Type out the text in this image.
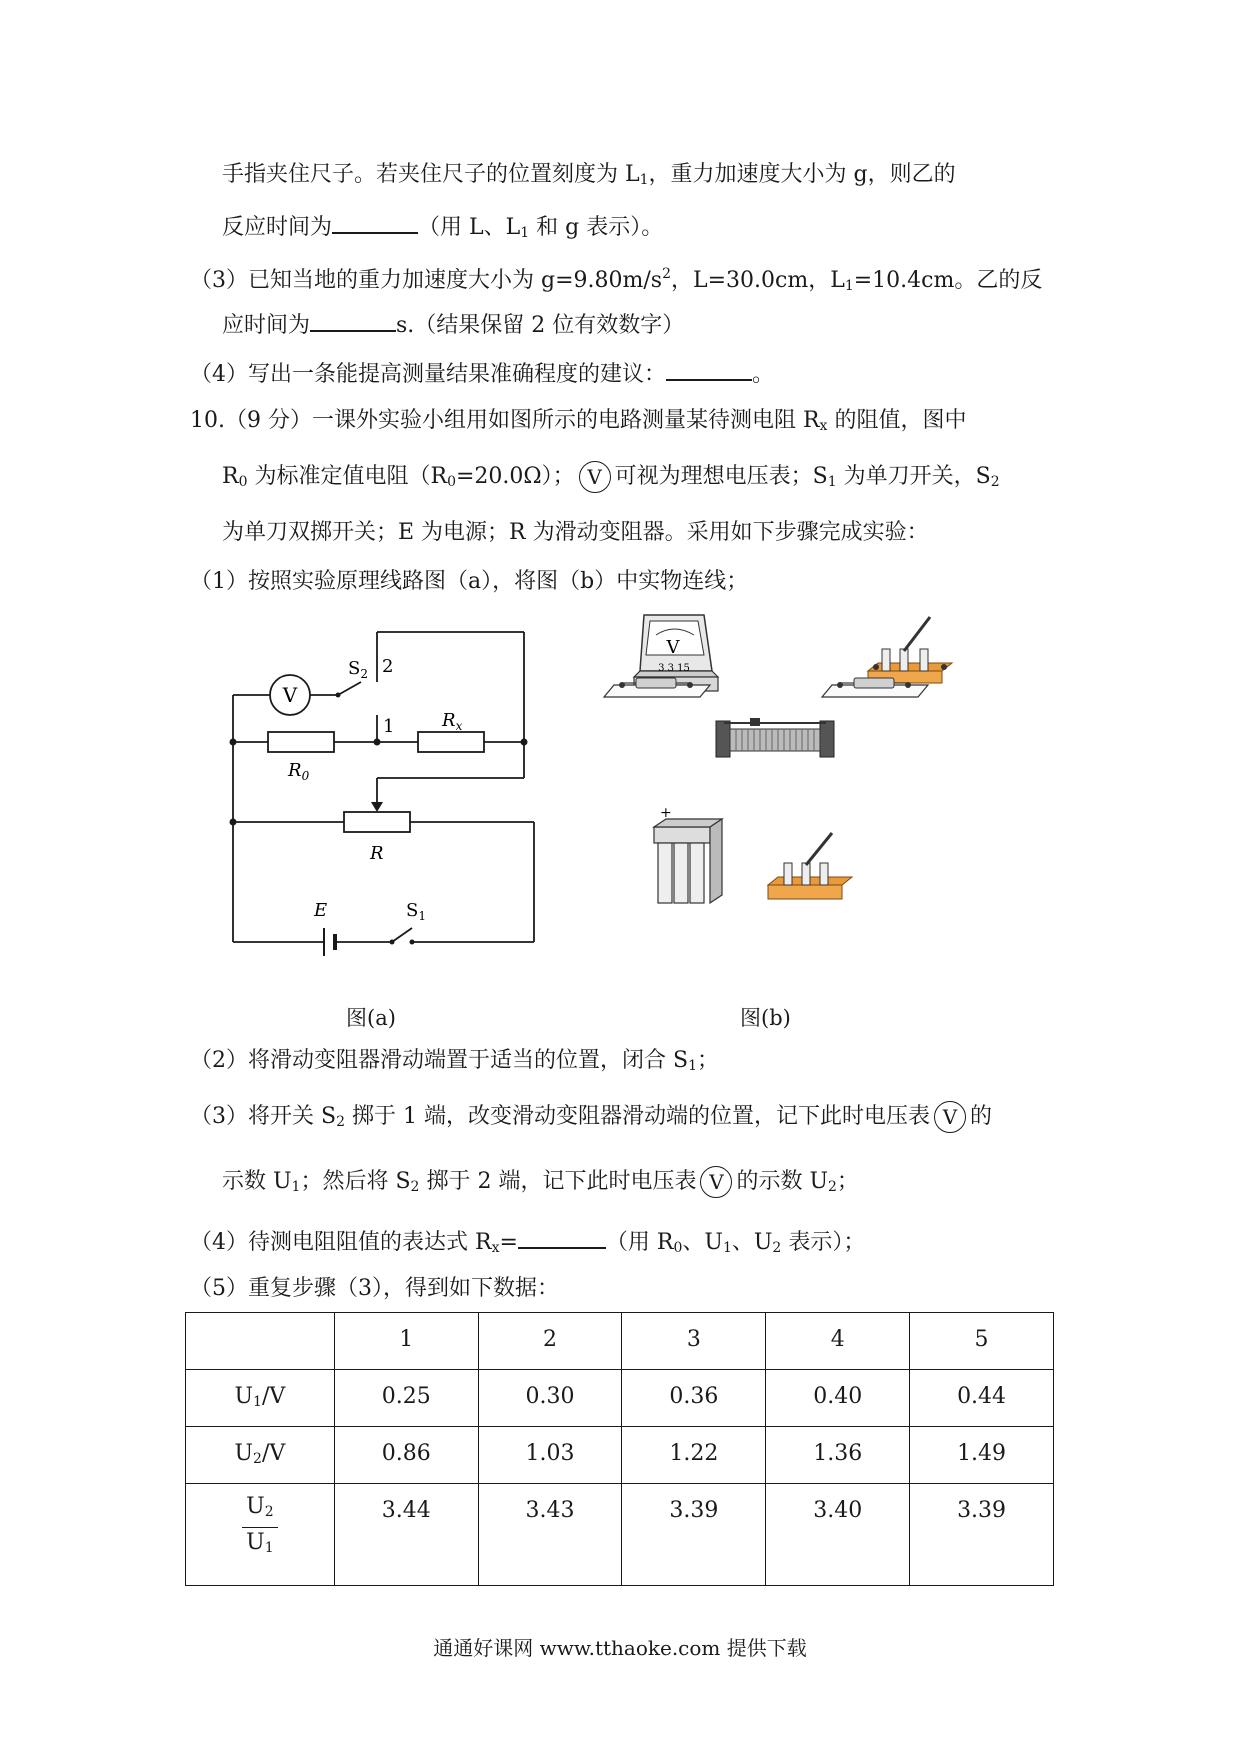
手指夹住尺子。若夹住尺子的位置刻度为 $L_1$，重力加速度大小为 g，则乙的
反应时间为	（用 L、$L_1$ 和 g 表示）。
（3）已知当地的重力加速度大小为 $g=9.80m/s^2$，L=30.0cm，$L_1=10.4cm$。乙的反
应时间为	s.（结果保留 2 位有效数字）
（4）写出一条能提高测量结果准确程度的建议：	。
10.（9 分）一课外实验小组用如图所示的电路测量某待测电阻 $R_x$ 的阻值，图中
$R_0$ 为标准定值电阻$(R_0=20.0\Omega)$； V 可视为理想电压表；$S_1$ 为单刀开关，$S_2$
为单刀双掷开关；E 为电源；R 为滑动变阻器。采用如下步骤完成实验：
（1）按照实验原理线路图（a），将图（b）中实物连线；
V
$S_2$ 2
1	$R_x$
$R_0$
R
E	$S_1$
V
3 3 15
+
图(a)	图(b)
（2）将滑动变阻器滑动端置于适当的位置，闭合 $S_1$；
（3）将开关 $S_2$ 掷于 1 端，改变滑动变阻器滑动端的位置，记下此时电压表 V 的
示数 $U_1$；然后将 $S_2$ 掷于 2 端，记下此时电压表 V 的示数 $U_2$；
（4）待测电阻阻值的表达式 $R_x=$	（用 $R_0$、$U_1$、$U_2$ 表示）；
（5）重复步骤（3），得到如下数据：
	1	2	3	4	5
$U_1/V$	0.25	0.30	0.36	0.40	0.44
$U_2/V$	0.86	1.03	1.22	1.36	1.49

$\frac{U_2}{U_1}$	3.44	3.43	3.39	3.40	3.39
通通好课网 www.tthaoke.com 提供下载
